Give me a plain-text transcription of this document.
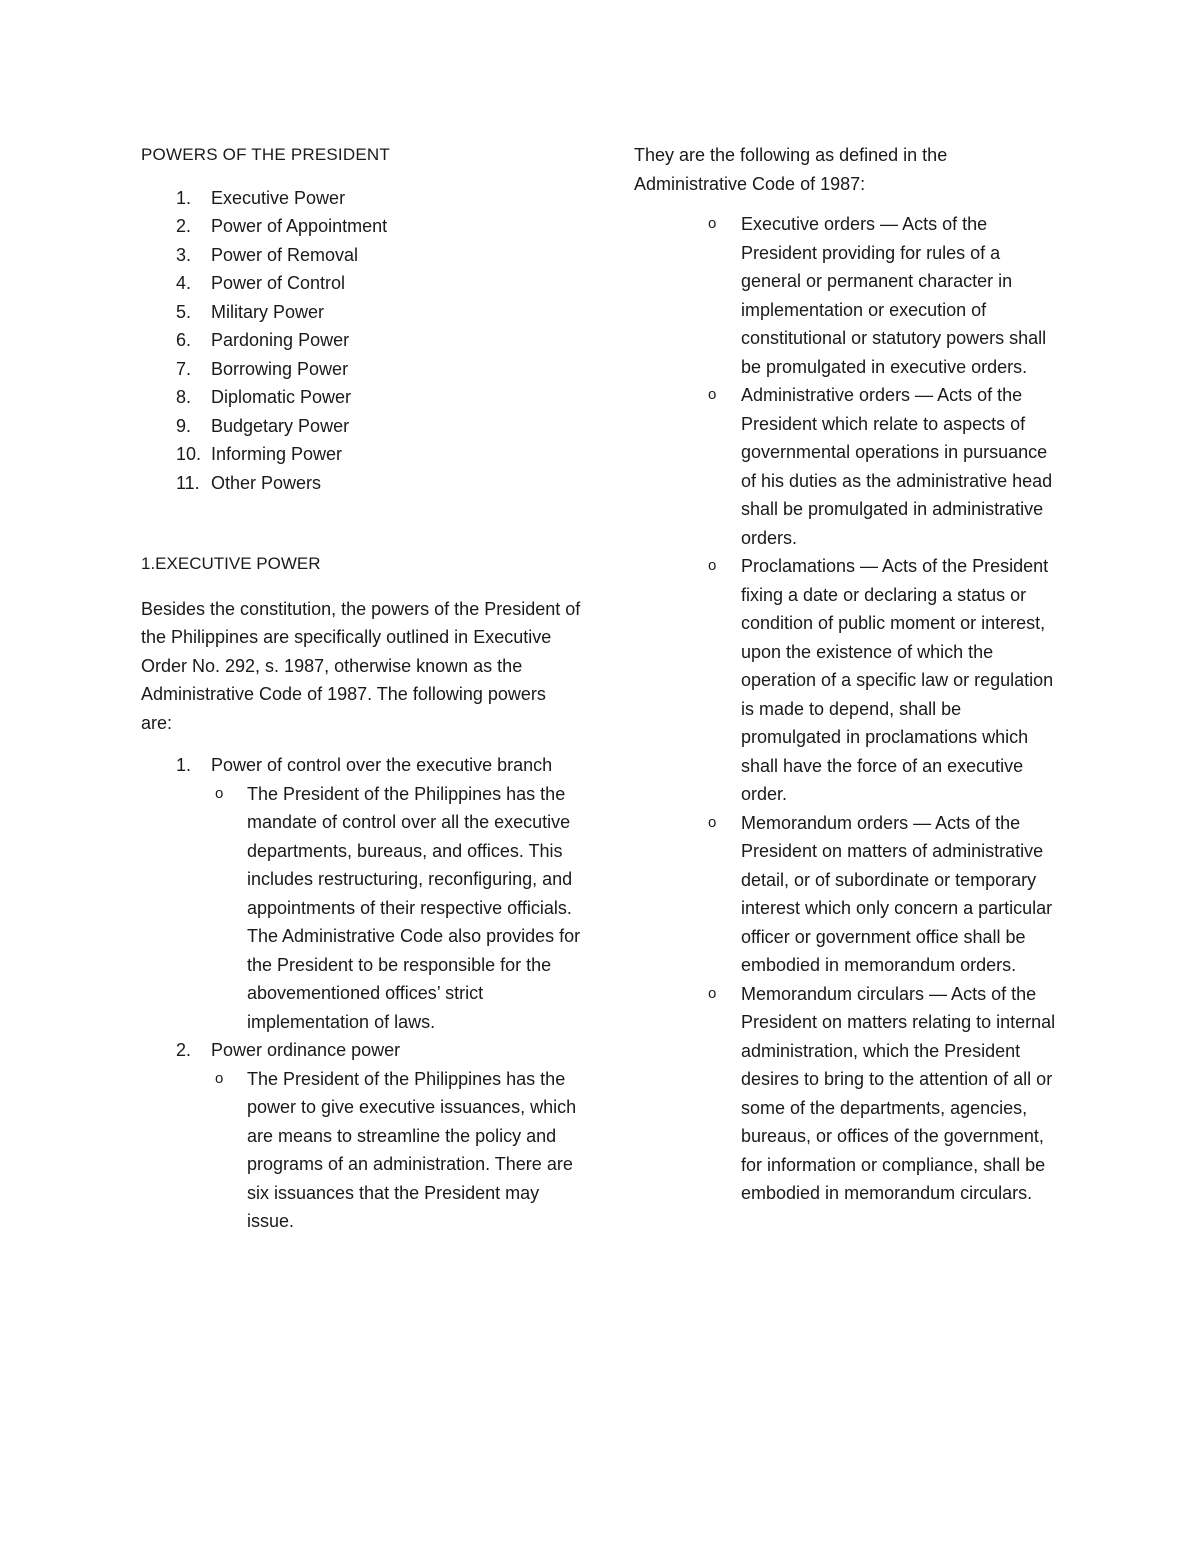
POWERS OF THE PRESIDENT

1. Executive Power
2. Power of Appointment
3. Power of Removal
4. Power of Control
5. Military Power
6. Pardoning Power
7. Borrowing Power
8. Diplomatic Power
9. Budgetary Power
10. Informing Power
11. Other Powers

1.EXECUTIVE POWER

Besides the constitution, the powers of the President of the Philippines are specifically outlined in Executive Order No. 292, s. 1987, otherwise known as the Administrative Code of 1987. The following powers are:

1. Power of control over the executive branch
o The President of the Philippines has the mandate of control over all the executive departments, bureaus, and offices. This includes restructuring, reconfiguring, and appointments of their respective officials. The Administrative Code also provides for the President to be responsible for the abovementioned offices’ strict implementation of laws.
2. Power ordinance power
o The President of the Philippines has the power to give executive issuances, which are means to streamline the policy and programs of an administration. There are six issuances that the President may issue.

They are the following as defined in the Administrative Code of 1987:

o Executive orders — Acts of the President providing for rules of a general or permanent character in implementation or execution of constitutional or statutory powers shall be promulgated in executive orders.
o Administrative orders — Acts of the President which relate to aspects of governmental operations in pursuance of his duties as the administrative head shall be promulgated in administrative orders.
o Proclamations — Acts of the President fixing a date or declaring a status or condition of public moment or interest, upon the existence of which the operation of a specific law or regulation is made to depend, shall be promulgated in proclamations which shall have the force of an executive order.
o Memorandum orders — Acts of the President on matters of administrative detail, or of subordinate or temporary interest which only concern a particular officer or government office shall be embodied in memorandum orders.
o Memorandum circulars — Acts of the President on matters relating to internal administration, which the President desires to bring to the attention of all or some of the departments, agencies, bureaus, or offices of the government, for information or compliance, shall be embodied in memorandum circulars.
